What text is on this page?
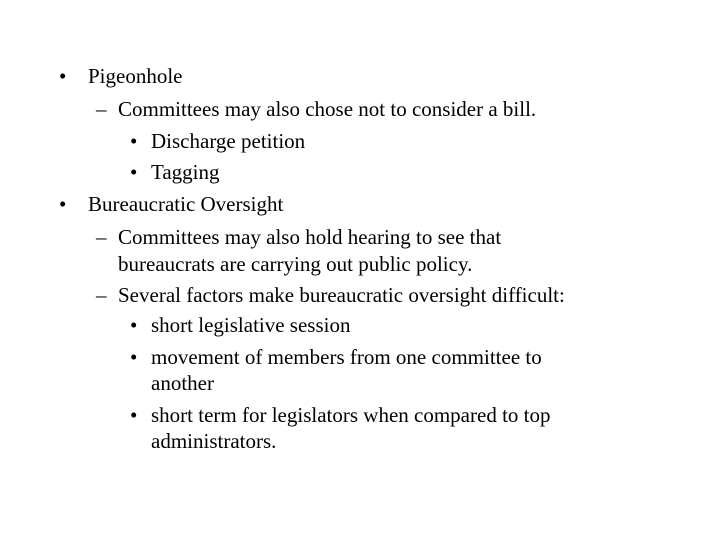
• Pigeonhole
– Committees may also chose not to consider a bill.
• Discharge petition
• Tagging
• Bureaucratic Oversight
– Committees may also hold hearing to see that
bureaucrats are carrying out public policy.
– Several factors make bureaucratic oversight difficult:
• short legislative session
• movement of members from one committee to
another
• short term for legislators when compared to top
administrators.
